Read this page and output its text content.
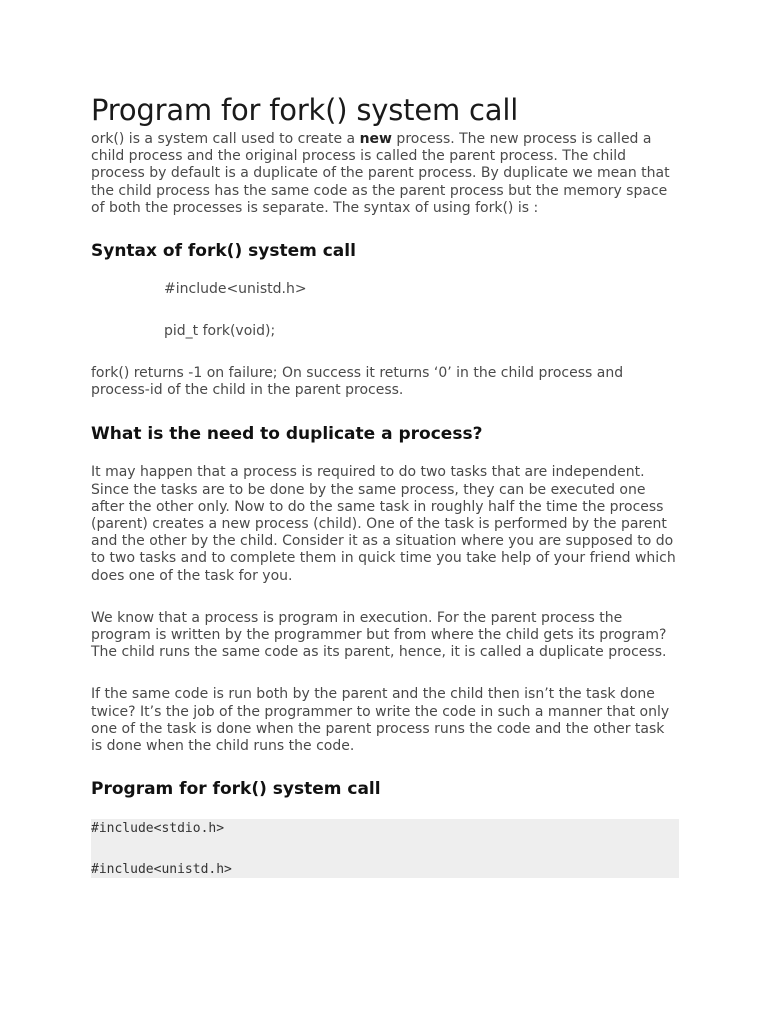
Program for fork() system call

ork() is a system call used to create a new process. The new process is called a child process and the original process is called the parent process. The child process by default is a duplicate of the parent process. By duplicate we mean that the child process has the same code as the parent process but the memory space of both the processes is separate. The syntax of using fork() is :

Syntax of fork() system call
#include<unistd.h>
pid_t fork(void);

fork() returns -1 on failure; On success it returns ‘0’ in the child process and process-id of the child in the parent process.

What is the need to duplicate a process?

It may happen that a process is required to do two tasks that are independent. Since the tasks are to be done by the same process, they can be executed one after the other only. Now to do the same task in roughly half the time the process (parent) creates a new process (child). One of the task is performed by the parent and the other by the child. Consider it as a situation where you are supposed to do to two tasks and to complete them in quick time you take help of your friend which does one of the task for you.

We know that a process is program in execution. For the parent process the program is written by the programmer but from where the child gets its program? The child runs the same code as its parent, hence, it is called a duplicate process.

If the same code is run both by the parent and the child then isn’t the task done twice? It’s the job of the programmer to write the code in such a manner that only one of the task is done when the parent process runs the code and the other task is done when the child runs the code.

Program for fork() system call
#include<stdio.h>
#include<unistd.h>
